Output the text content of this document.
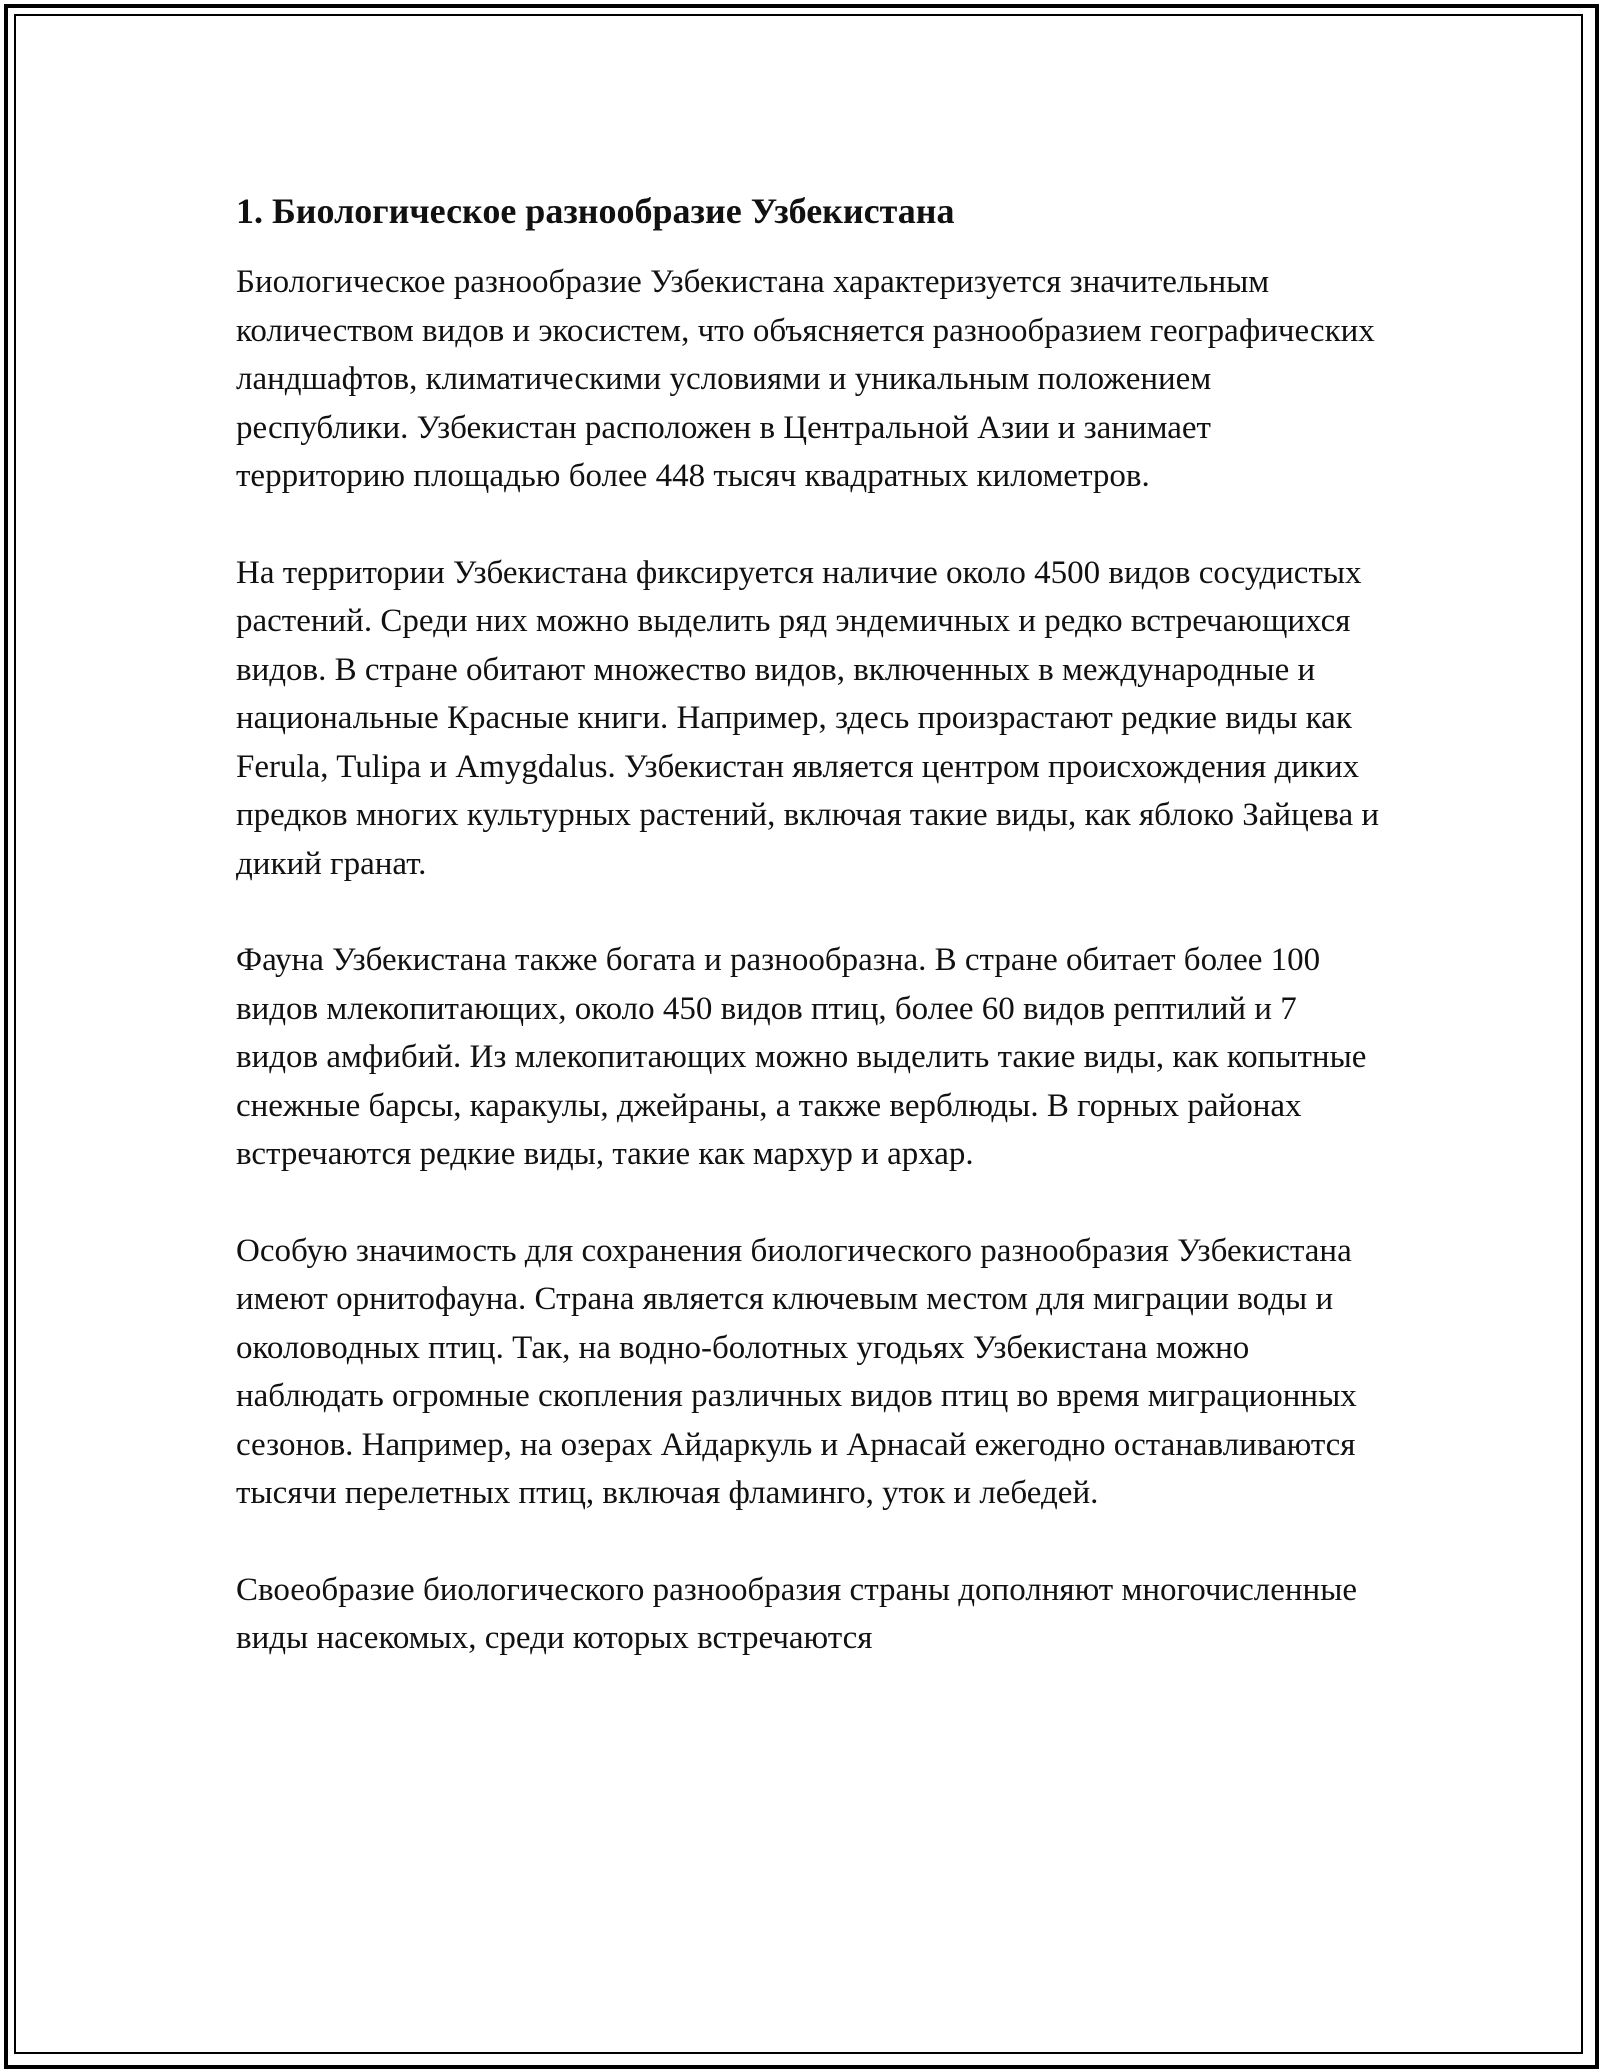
1. Биологическое разнообразие Узбекистана

Биологическое разнообразие Узбекистана характеризуется значительным количеством видов и экосистем, что объясняется разнообразием географических ландшафтов, климатическими условиями и уникальным положением республики. Узбекистан расположен в Центральной Азии и занимает территорию площадью более 448 тысяч квадратных километров.

На территории Узбекистана фиксируется наличие около 4500 видов сосудистых растений. Среди них можно выделить ряд эндемичных и редко встречающихся видов. В стране обитают множество видов, включенных в международные и национальные Красные книги. Например, здесь произрастают редкие виды как Ferula, Tulipa и Amygdalus. Узбекистан является центром происхождения диких предков многих культурных растений, включая такие виды, как яблоко Зайцева и дикий гранат.

Фауна Узбекистана также богата и разнообразна. В стране обитает более 100 видов млекопитающих, около 450 видов птиц, более 60 видов рептилий и 7 видов амфибий. Из млекопитающих можно выделить такие виды, как копытные снежные барсы, каракулы, джейраны, а также верблюды. В горных районах встречаются редкие виды, такие как мархур и архар.

Особую значимость для сохранения биологического разнообразия Узбекистана имеют орнитофауна. Страна является ключевым местом для миграции воды и околоводных птиц. Так, на водно-болотных угодьях Узбекистана можно наблюдать огромные скопления различных видов птиц во время миграционных сезонов. Например, на озерах Айдаркуль и Арнасай ежегодно останавливаются тысячи перелетных птиц, включая фламинго, уток и лебедей.

Своеобразие биологического разнообразия страны дополняют многочисленные виды насекомых, среди которых встречаются
